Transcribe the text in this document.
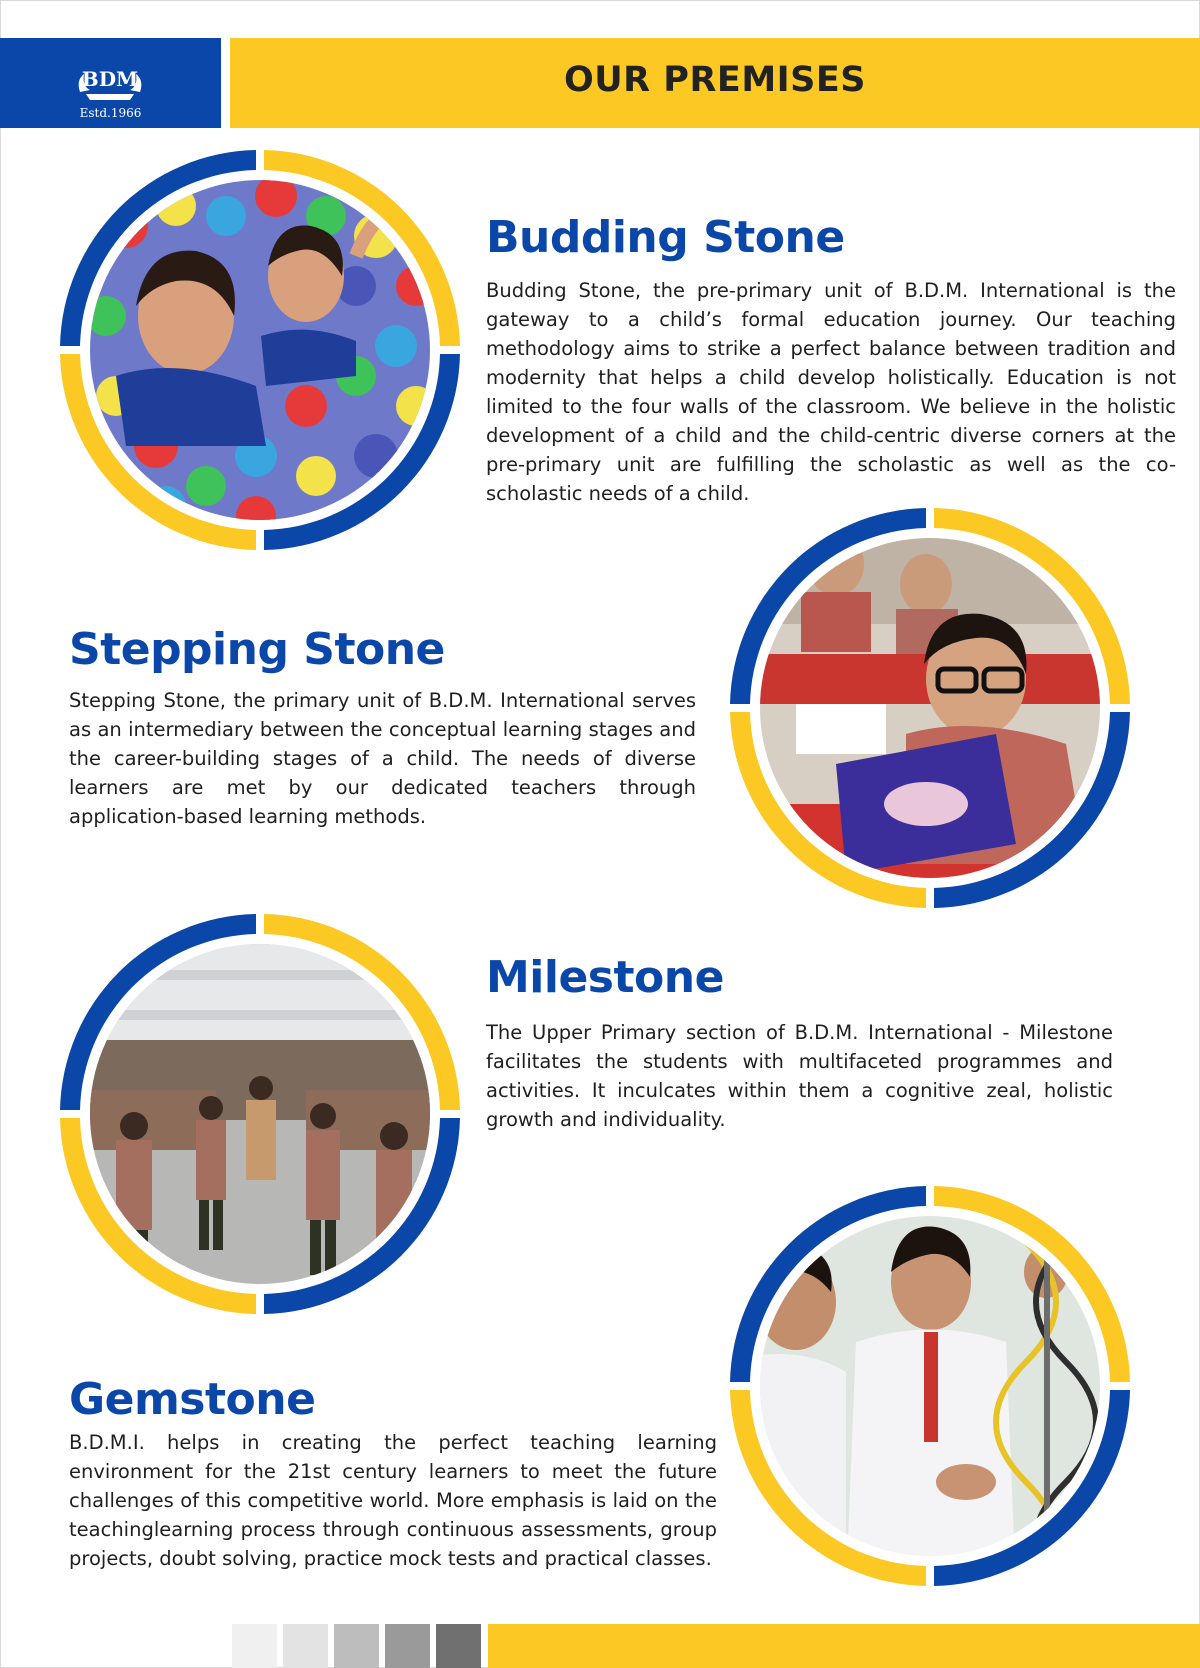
BDM
Estd.1966
OUR PREMISES
Budding Stone

Budding Stone, the pre-primary unit of B.D.M. International is the gateway to a child’s formal education journey. Our teaching methodology aims to strike a perfect balance between tradition and modernity that helps a child develop holistically. Education is not limited to the four walls of the classroom. We believe in the holistic development of a child and the child-centric diverse corners at the pre-primary unit are fulfilling the scholastic as well as the co-scholastic needs of a child.

Stepping Stone

Stepping Stone, the primary unit of B.D.M. International serves as an intermediary between the conceptual learning stages and the career-building stages of a child. The needs of diverse learners are met by our dedicated teachers through application-based learning methods.

Milestone

The Upper Primary section of B.D.M. International - Milestone facilitates the students with multifaceted programmes and activities. It inculcates within them a cognitive zeal, holistic growth and individuality.

Gemstone

B.D.M.I. helps in creating the perfect teaching learning environment for the 21st century learners to meet the future challenges of this competitive world. More emphasis is laid on the teachinglearning process through continuous assessments, group projects, doubt solving, practice mock tests and practical classes.
